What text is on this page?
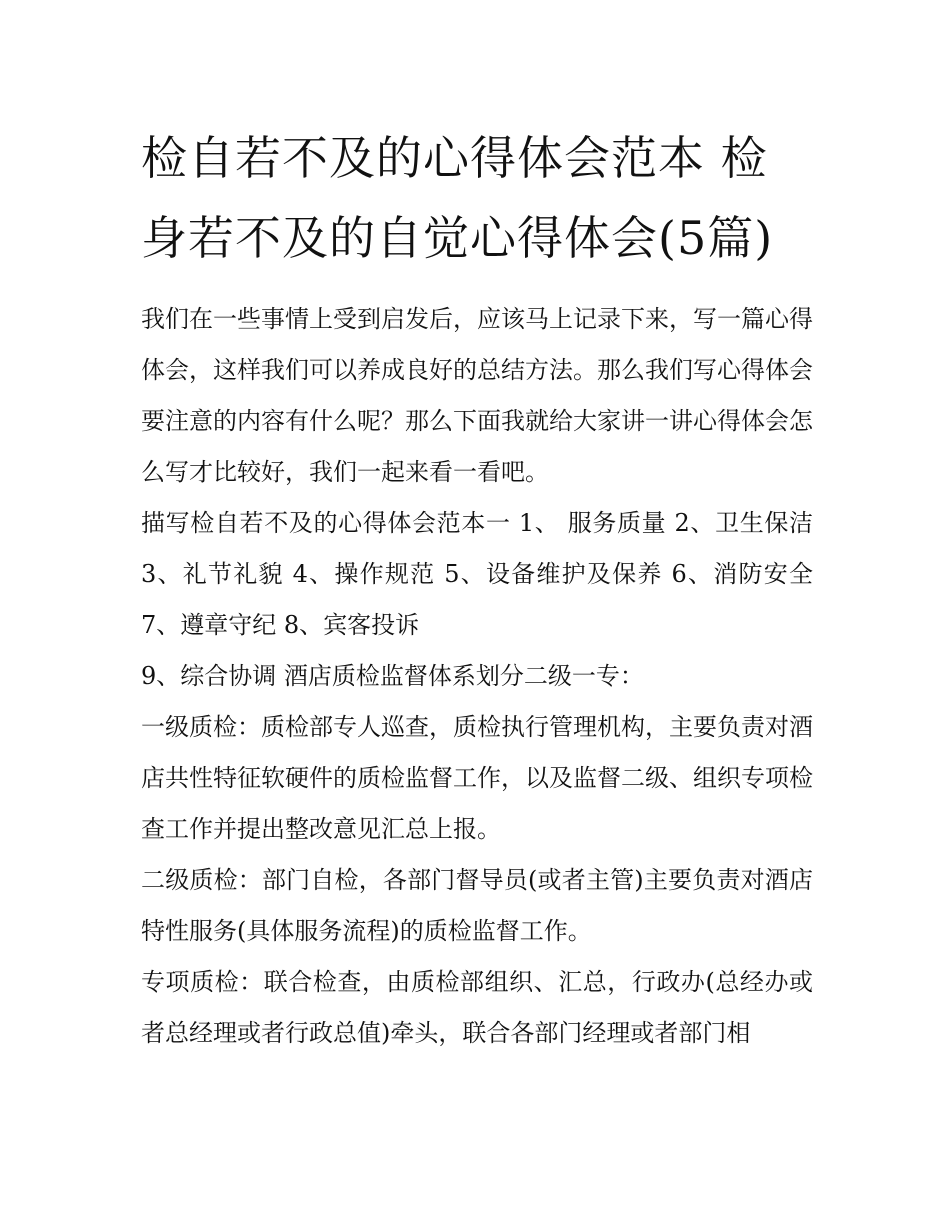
检自若不及的心得体会范本 检身若不及的自觉心得体会(5篇)

我们在一些事情上受到启发后，应该马上记录下来，写一篇心得体会，这样我们可以养成良好的总结方法。那么我们写心得体会要注意的内容有什么呢？那么下面我就给大家讲一讲心得体会怎么写才比较好，我们一起来看一看吧。

描写检自若不及的心得体会范本一 1、 服务质量 2、卫生保洁 3、礼节礼貌 4、操作规范 5、设备维护及保养 6、消防安全 7、遵章守纪 8、宾客投诉

9、综合协调 酒店质检监督体系划分二级一专：

一级质检：质检部专人巡查，质检执行管理机构，主要负责对酒店共性特征软硬件的质检监督工作，以及监督二级、组织专项检查工作并提出整改意见汇总上报。

二级质检：部门自检，各部门督导员(或者主管)主要负责对酒店特性服务(具体服务流程)的质检监督工作。

专项质检：联合检查，由质检部组织、汇总，行政办(总经办或者总经理或者行政总值)牵头，联合各部门经理或者部门相
